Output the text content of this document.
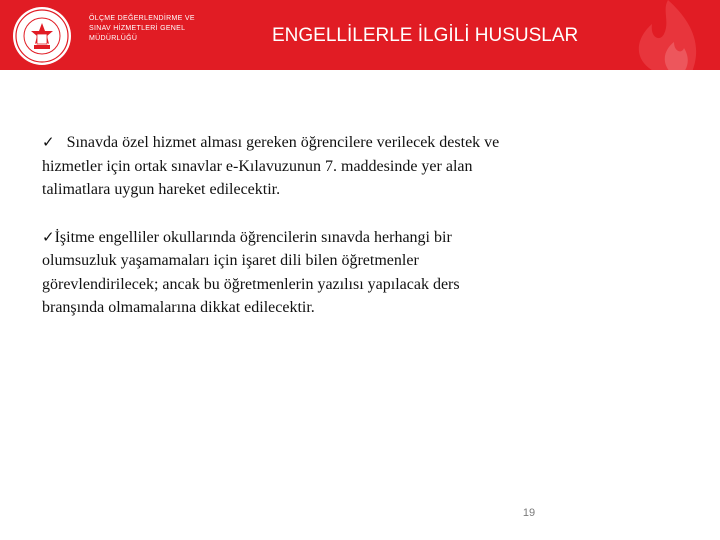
ÖLÇME DEĞERLENDİRME VE
SINAV HİZMETLERİ GENEL
MÜDÜRLÜĞÜ	ENGELLİLERLE İLGİLİ HUSUSLAR

✓ Sınavda özel hizmet alması gereken öğrencilere verilecek destek ve
hizmetler için ortak sınavlar e-Kılavuzunun 7. maddesinde yer alan
talimatlara uygun hareket edilecektir.

✓İşitme engelliler okullarında öğrencilerin sınavda herhangi bir
olumsuzluk yaşamamaları için işaret dili bilen öğretmenler
görevlendirilecek; ancak bu öğretmenlerin yazılısı yapılacak ders
branşında olmamalarına dikkat edilecektir.

19
